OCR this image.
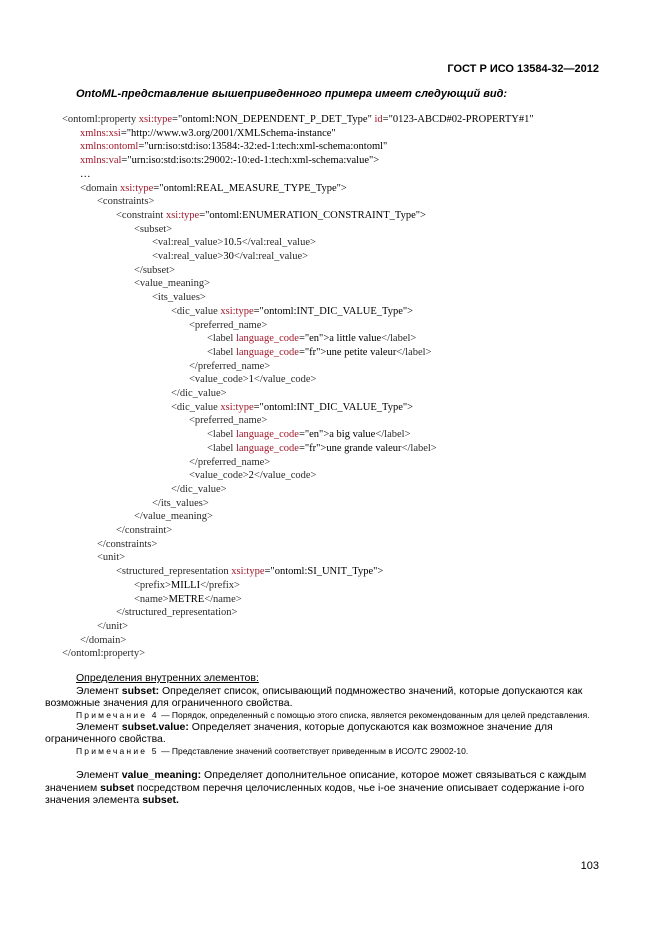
ГОСТ Р ИСО 13584-32—2012
OntoML-представление вышеприведенного примера имеет следующий вид:
<ontoml:property xsi:type="ontoml:NON_DEPENDENT_P_DET_Type" id="0123-ABCD#02-PROPERTY#1"
xmlns:xsi="http://www.w3.org/2001/XMLSchema-instance"
xmlns:ontoml="urn:iso:std:iso:13584:-32:ed-1:tech:xml-schema:ontoml"
xmlns:val="urn:iso:std:iso:ts:29002:-10:ed-1:tech:xml-schema:value">
…
<domain xsi:type="ontoml:REAL_MEASURE_TYPE_Type">
<constraints>
<constraint xsi:type="ontoml:ENUMERATION_CONSTRAINT_Type">
<subset>
<val:real_value>10.5</val:real_value>
<val:real_value>30</val:real_value>
</subset>
<value_meaning>
<its_values>
<dic_value xsi:type="ontoml:INT_DIC_VALUE_Type">
<preferred_name>
<label language_code="en">a little value</label>
<label language_code="fr">une petite valeur</label>
</preferred_name>
<value_code>1</value_code>
</dic_value>
<dic_value xsi:type="ontoml:INT_DIC_VALUE_Type">
<preferred_name>
<label language_code="en">a big value</label>
<label language_code="fr">une grande valeur</label>
</preferred_name>
<value_code>2</value_code>
</dic_value>
</its_values>
</value_meaning>
</constraint>
</constraints>
<unit>
<structured_representation xsi:type="ontoml:SI_UNIT_Type">
<prefix>MILLI</prefix>
<name>METRE</name>
</structured_representation>
</unit>
</domain>
</ontoml:property>

Определения внутренних элементов:

Элемент subset: Определяет список, описывающий подмножество значений, которые допускаются как возможные значения для ограниченного свойства.

Примечание 4 — Порядок, определенный с помощью этого списка, является рекомендованным для целей представления.

Элемент subset.value: Определяет значения, которые допускаются как возможное значение для ограниченного свойства.

Примечание 5 — Представление значений соответствует приведенным в ИСО/ТС 29002-10.

Элемент value_meaning: Определяет дополнительное описание, которое может связываться с каждым значением subset посредством перечня целочисленных кодов, чье i-ое значение описывает содержание i-ого значения элемента subset.

103
